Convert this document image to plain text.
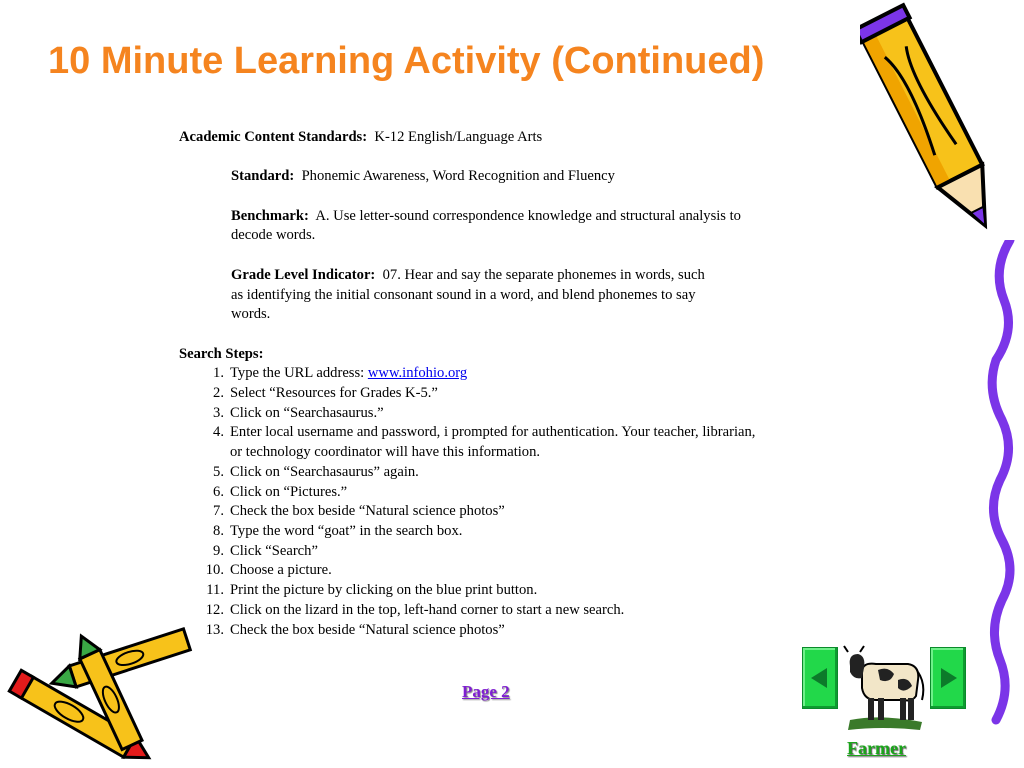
10 Minute Learning Activity (Continued)
Academic Content Standards: K-12 English/Language Arts
Standard: Phonemic Awareness, Word Recognition and Fluency
Benchmark: A. Use letter-sound correspondence knowledge and structural analysis to
decode words.
Grade Level Indicator: 07. Hear and say the separate phonemes in words, such
as identifying the initial consonant sound in a word, and blend phonemes to say
words.
Search Steps:
1. Type the URL address: www.infohio.org
2. Select “Resources for Grades K-5.”
3. Click on “Searchasaurus.”
4. Enter local username and password, i prompted for authentication. Your teacher, librarian,
or technology coordinator will have this information.
5. Click on “Searchasaurus” again.
6. Click on “Pictures.”
7. Check the box beside “Natural science photos”
8. Type the word “goat” in the search box.
9. Click “Search”
10. Choose a picture.
11. Print the picture by clicking on the blue print button.
12. Click on the lizard in the top, left-hand corner to start a new search.
13. Check the box beside “Natural science photos”
Page 2
Farmer
